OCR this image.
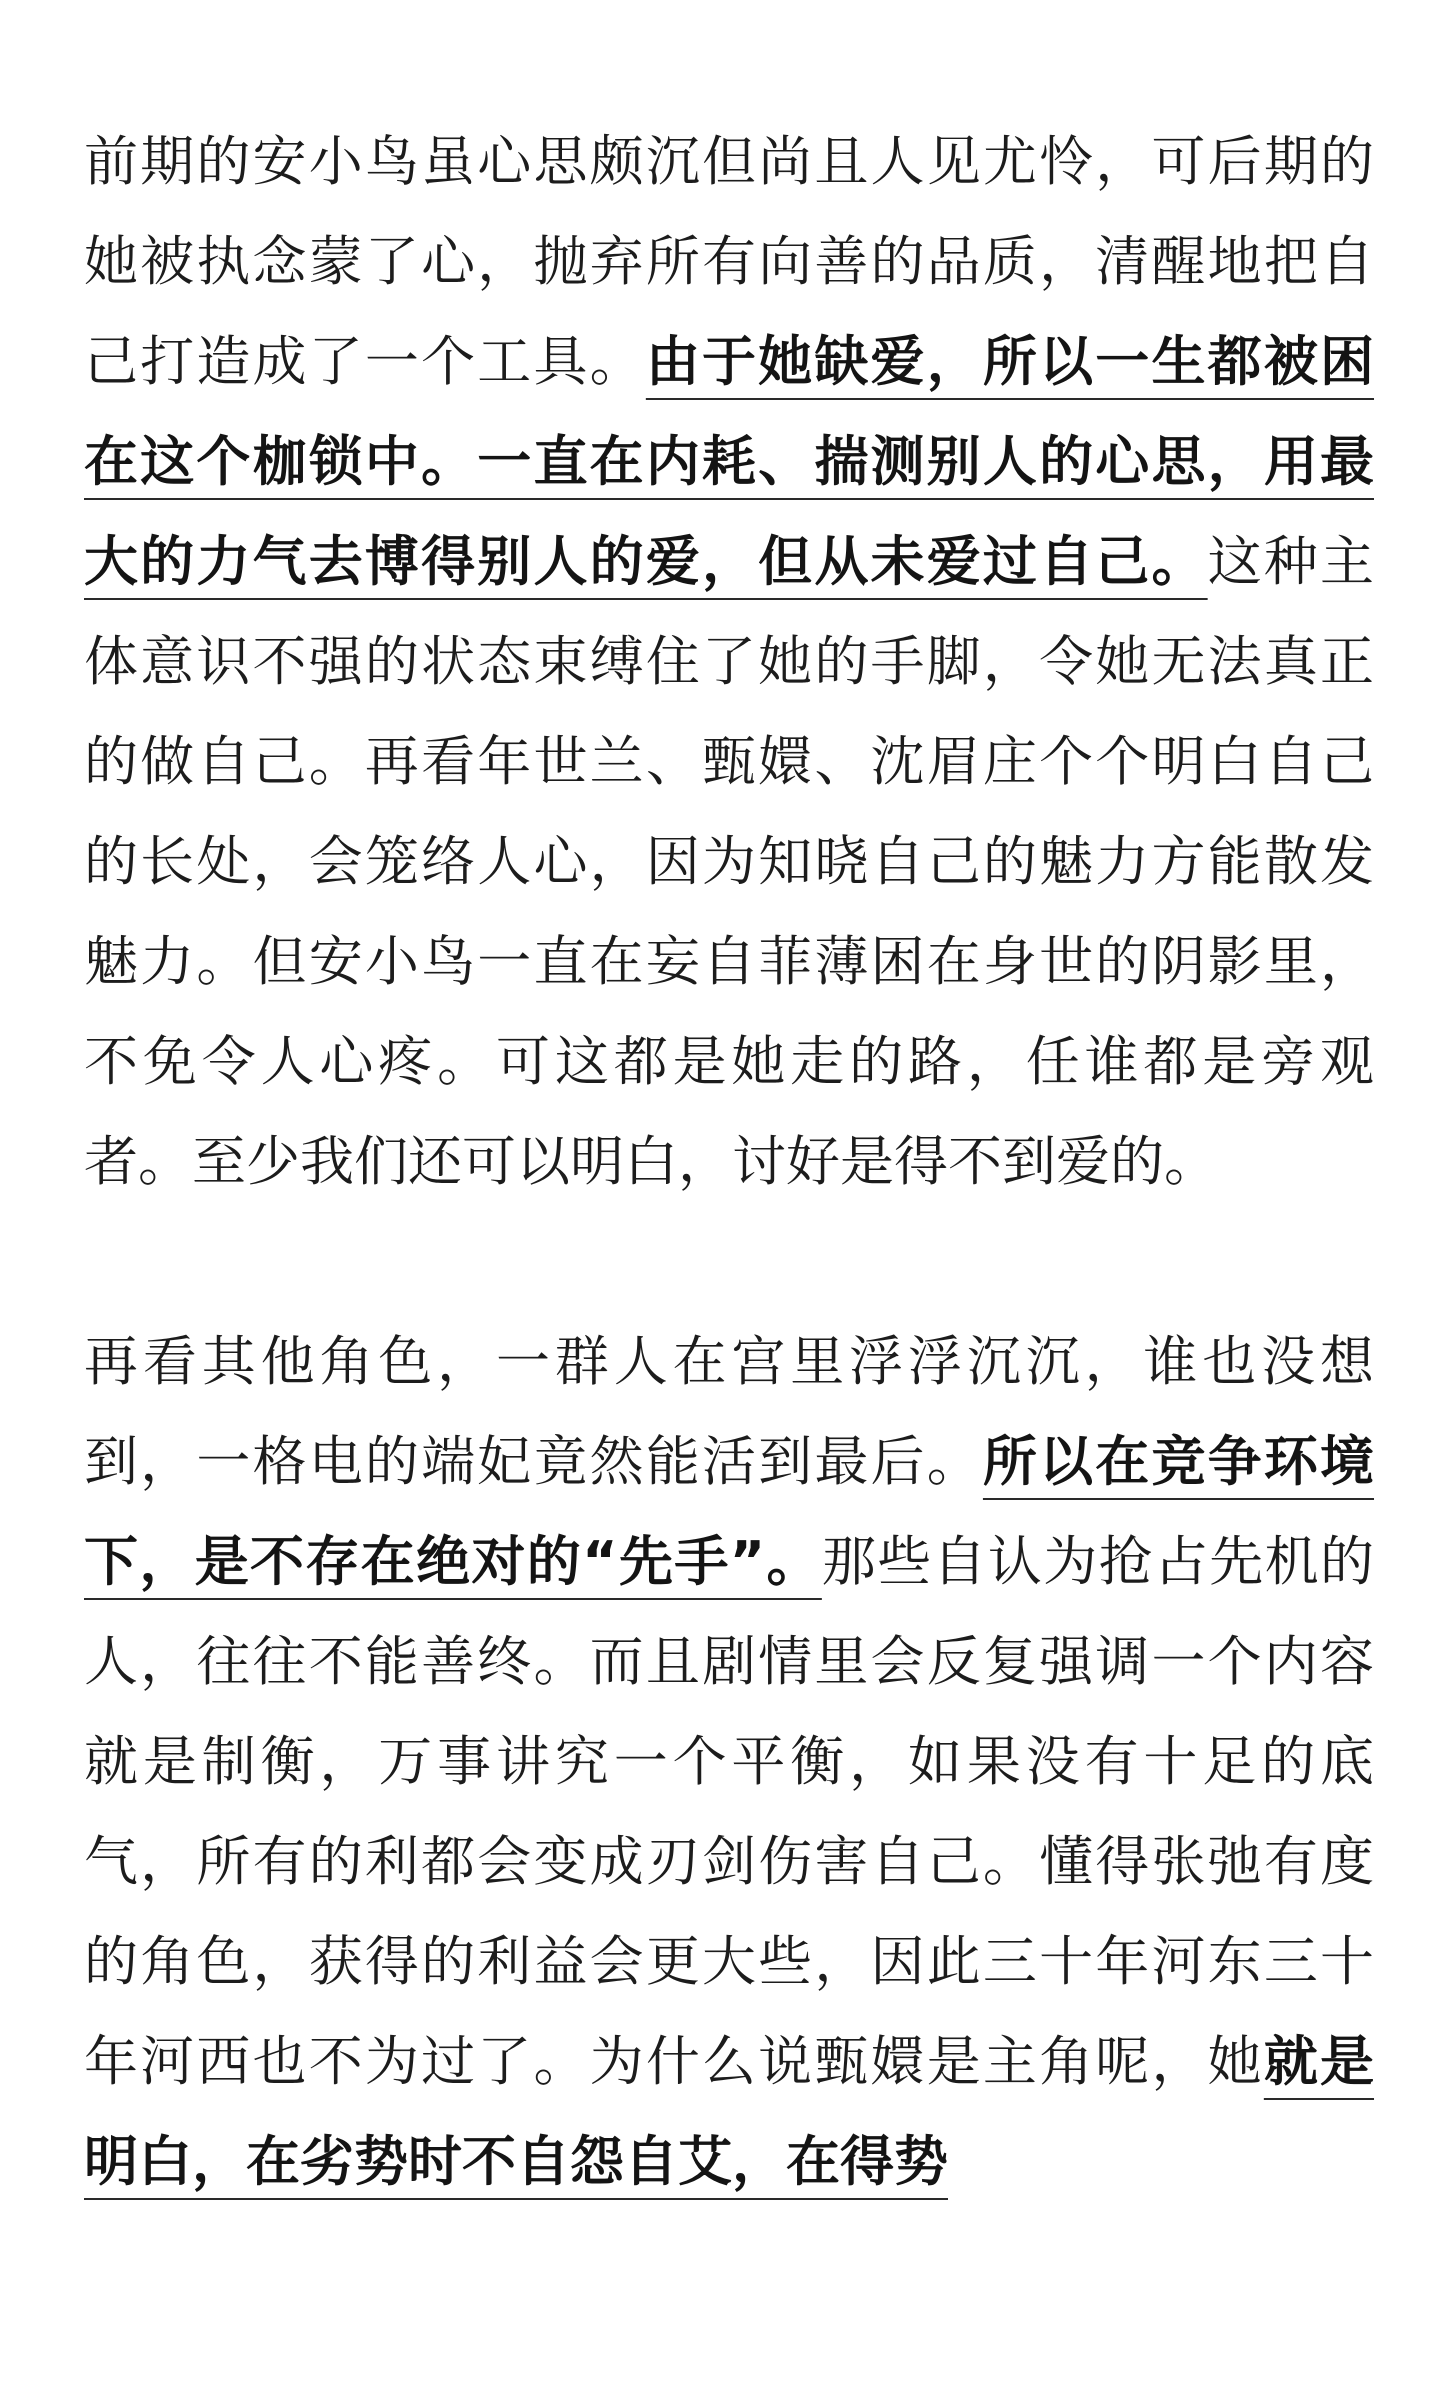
前期的安小鸟虽心思颇沉但尚且人见尤怜，可后期的她被执念蒙了心，抛弃所有向善的品质，清醒地把自己打造成了一个工具。由于她缺爱，所以一生都被困在这个枷锁中。一直在内耗、揣测别人的心思，用最大的力气去博得别人的爱，但从未爱过自己。这种主体意识不强的状态束缚住了她的手脚，令她无法真正的做自己。再看年世兰、甄嬛、沈眉庄个个明白自己的长处，会笼络人心，因为知晓自己的魅力方能散发魅力。但安小鸟一直在妄自菲薄困在身世的阴影里，不免令人心疼。可这都是她走的路，任谁都是旁观者。至少我们还可以明白，讨好是得不到爱的。

再看其他角色，一群人在宫里浮浮沉沉，谁也没想到，一格电的端妃竟然能活到最后。所以在竞争环境下，是不存在绝对的“先手”。那些自认为抢占先机的人，往往不能善终。而且剧情里会反复强调一个内容就是制衡，万事讲究一个平衡，如果没有十足的底气，所有的利都会变成刃剑伤害自己。懂得张弛有度的角色，获得的利益会更大些，因此三十年河东三十年河西也不为过了。为什么说甄嬛是主角呢，她就是明白，在劣势时不自怨自艾，在得势
